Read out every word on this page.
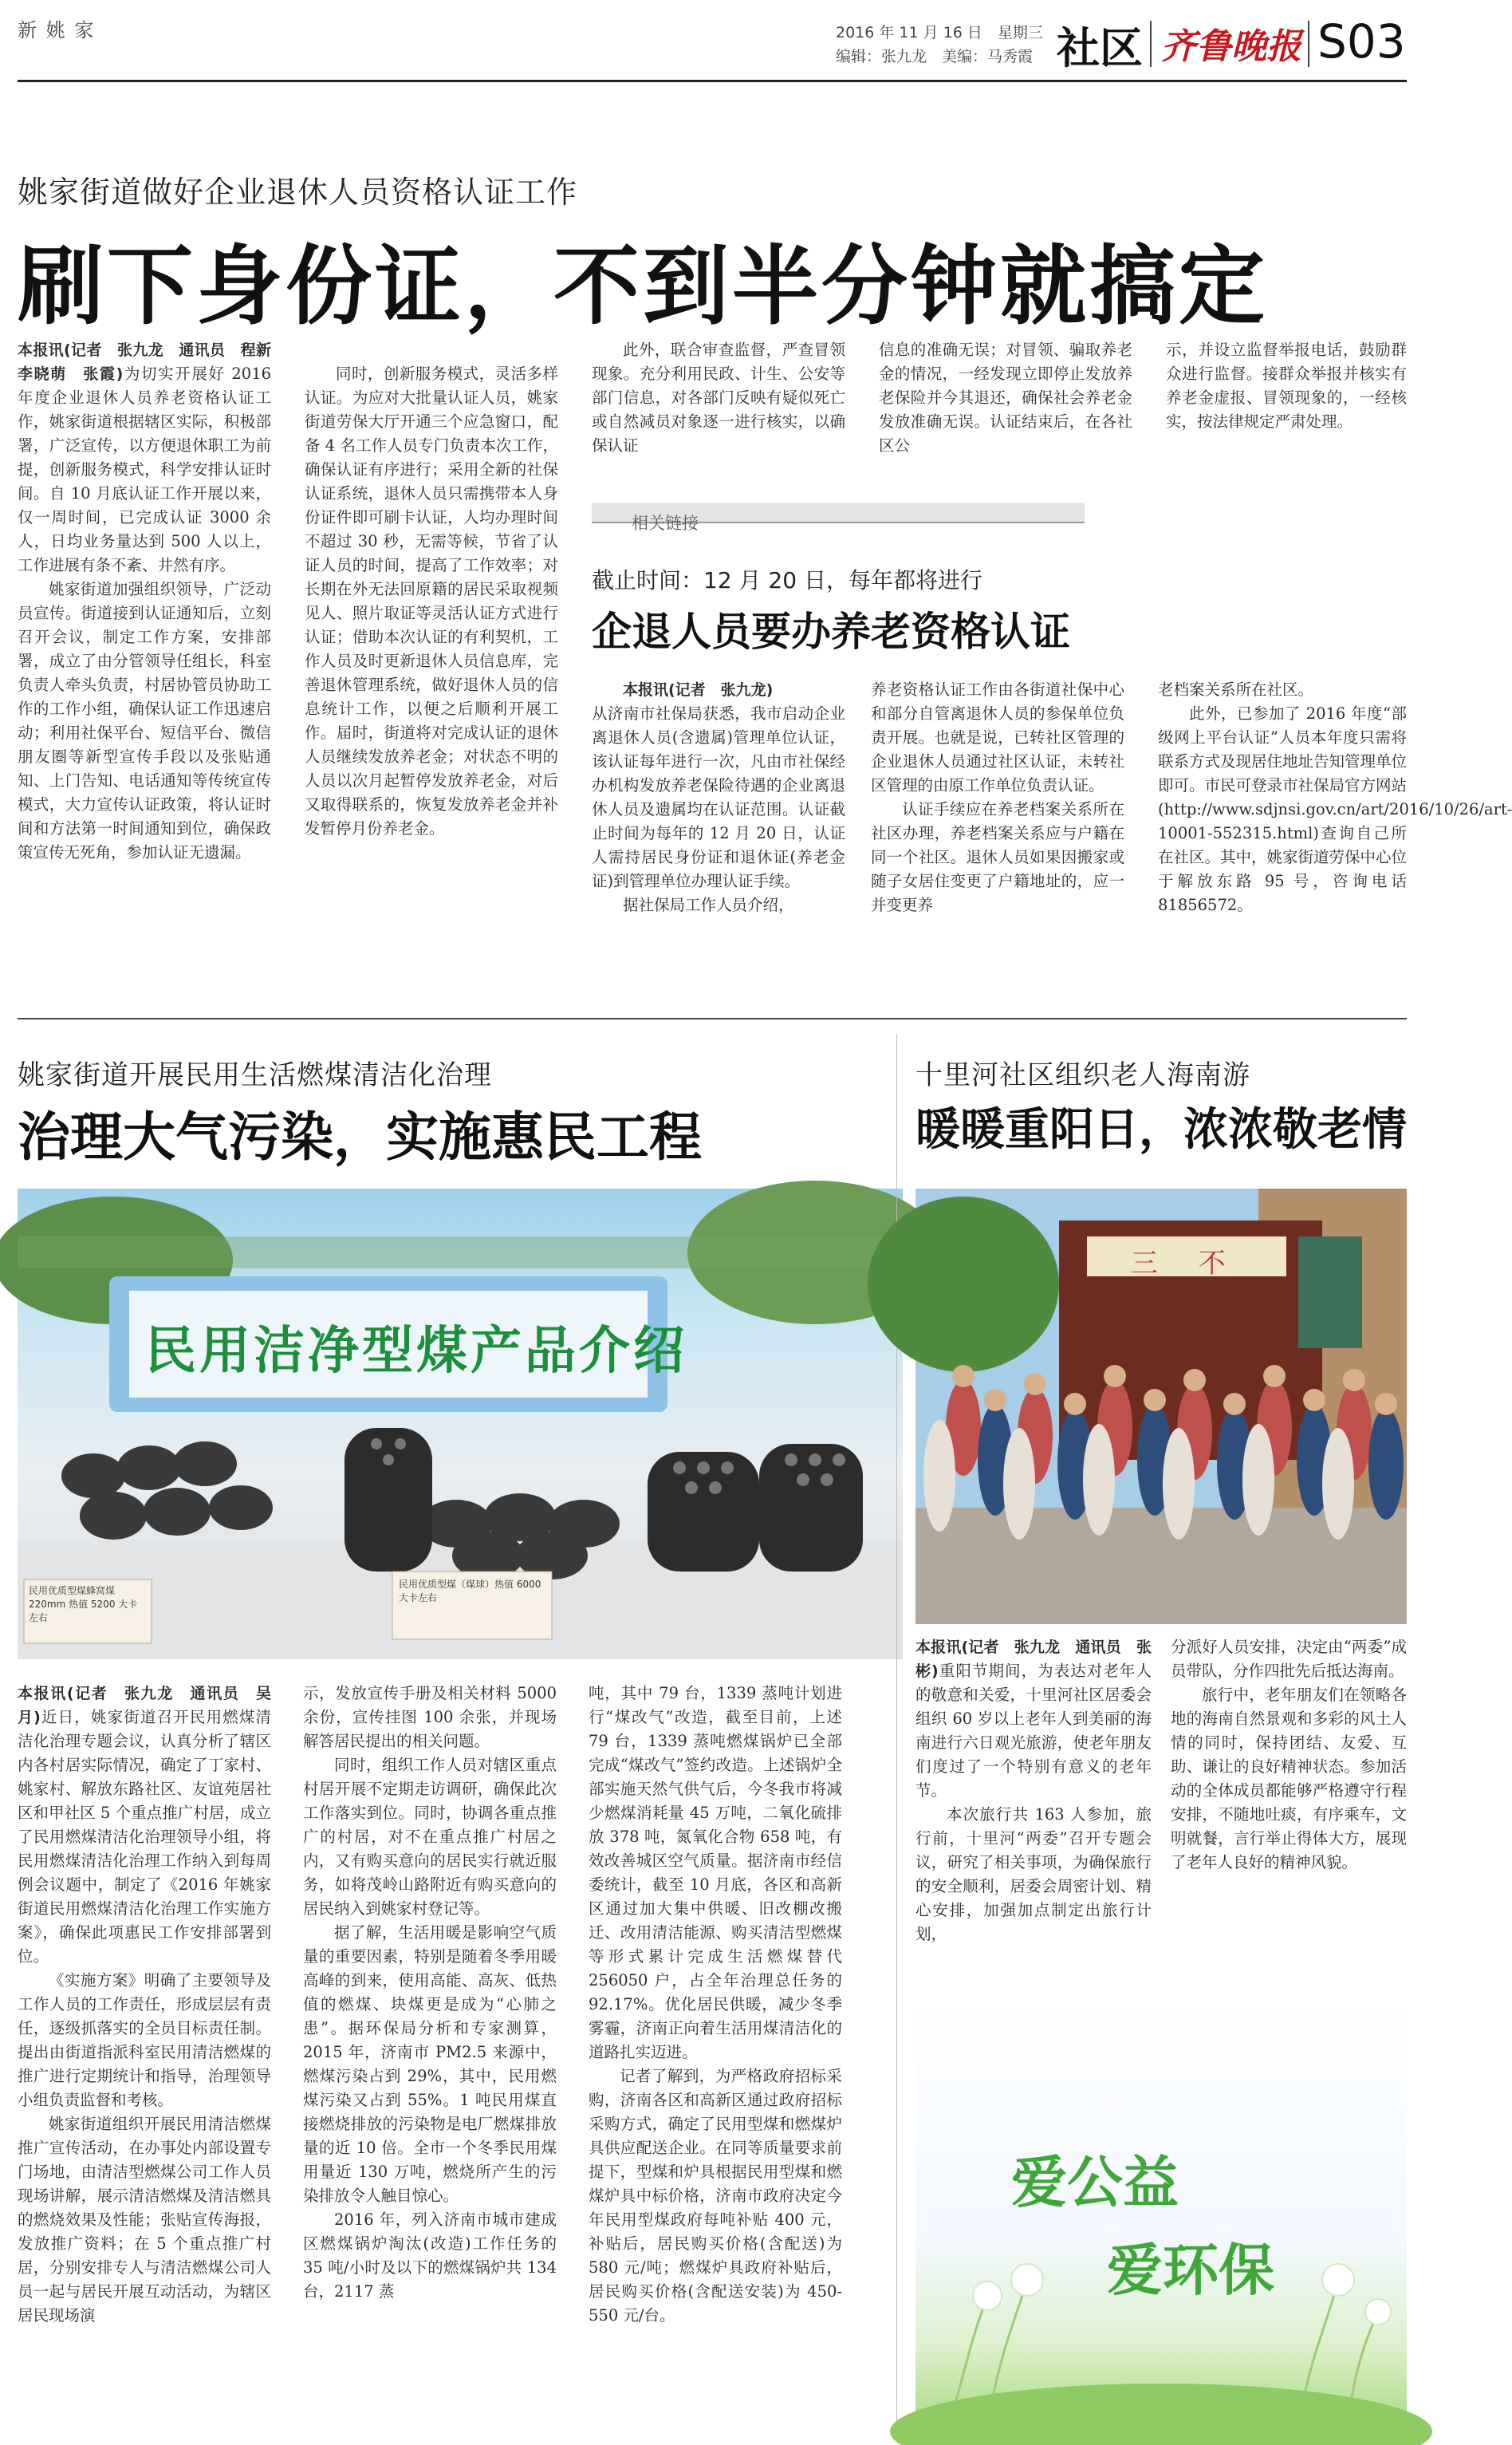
新 姚 家	2016 年 11 月 16 日　星期三
编辑：张九龙　美编：马秀霞 社区 齐鲁晚报 S03
姚家街道做好企业退休人员资格认证工作
刷下身份证，不到半分钟就搞定

本报讯(记者　张九龙　通讯员　程新　李晓萌　张霞)为切实开展好 2016 年度企业退休人员养老资格认证工作，姚家街道根据辖区实际，积极部署，广泛宣传，以方便退休职工为前提，创新服务模式，科学安排认证时间。自 10 月底认证工作开展以来，仅一周时间，已完成认证 3000 余人，日均业务量达到 500 人以上，工作进展有条不紊、井然有序。

姚家街道加强组织领导，广泛动员宣传。街道接到认证通知后，立刻召开会议，制定工作方案，安排部署，成立了由分管领导任组长，科室负责人牵头负责，村居协管员协助工作的工作小组，确保认证工作迅速启动；利用社保平台、短信平台、微信朋友圈等新型宣传手段以及张贴通知、上门告知、电话通知等传统宣传模式，大力宣传认证政策，将认证时间和方法第一时间通知到位，确保政策宣传无死角，参加认证无遗漏。

同时，创新服务模式，灵活多样认证。为应对大批量认证人员，姚家街道劳保大厅开通三个应急窗口，配备 4 名工作人员专门负责本次工作，确保认证有序进行；采用全新的社保认证系统，退休人员只需携带本人身份证件即可刷卡认证，人均办理时间不超过 30 秒，无需等候，节省了认证人员的时间，提高了工作效率；对长期在外无法回原籍的居民采取视频见人、照片取证等灵活认证方式进行认证；借助本次认证的有利契机，工作人员及时更新退休人员信息库，完善退休管理系统，做好退休人员的信息统计工作，以便之后顺利开展工作。届时，街道将对完成认证的退休人员继续发放养老金；对状态不明的人员以次月起暂停发放养老金，对后又取得联系的，恢复发放养老金并补发暂停月份养老金。

此外，联合审查监督，严查冒领现象。充分利用民政、计生、公安等部门信息，对各部门反映有疑似死亡或自然减员对象逐一进行核实，以确保认证

信息的准确无误；对冒领、骗取养老金的情况，一经发现立即停止发放养老保险并今其退还，确保社会养老金发放准确无误。认证结束后，在各社区公

示，并设立监督举报电话，鼓励群众进行监督。接群众举报并核实有养老金虚报、冒领现象的，一经核实，按法律规定严肃处理。

相关链接
截止时间：12 月 20 日，每年都将进行
企退人员要办养老资格认证

本报讯(记者　张九龙)

从济南市社保局获悉，我市启动企业离退休人员(含遗属)管理单位认证，该认证每年进行一次，凡由市社保经办机构发放养老保险待遇的企业离退休人员及遗属均在认证范围。认证截止时间为每年的 12 月 20 日，认证人需持居民身份证和退休证(养老金证)到管理单位办理认证手续。

据社保局工作人员介绍，

养老资格认证工作由各街道社保中心和部分自管离退休人员的参保单位负责开展。也就是说，已转社区管理的企业退休人员通过社区认证，未转社区管理的由原工作单位负责认证。

认证手续应在养老档案关系所在社区办理，养老档案关系应与户籍在同一个社区。退休人员如果因搬家或随子女居住变更了户籍地址的，应一并变更养

老档案关系所在社区。

此外，已参加了 2016 年度“部级网上平台认证”人员本年度只需将联系方式及现居住地址告知管理单位即可。市民可登录市社保局官方网站(http://www.sdjnsi.gov.cn/art/2016/10/26/art-10001-552315.html)查询自己所在社区。其中，姚家街道劳保中心位于解放东路 95 号，咨询电话 81856572。

姚家街道开展民用生活燃煤清洁化治理
治理大气污染，实施惠民工程
民用洁净型煤产品介绍
民用优质型煤蜂窝煤 220mm 热值 5200 大卡左右
民用优质型煤（煤球）热值 6000 大卡左右

本报讯(记者　张九龙　通讯员　吴月)近日，姚家街道召开民用燃煤清洁化治理专题会议，认真分析了辖区内各村居实际情况，确定了丁家村、姚家村、解放东路社区、友谊苑居社区和甲社区 5 个重点推广村居，成立了民用燃煤清洁化治理领导小组，将民用燃煤清洁化治理工作纳入到每周例会议题中，制定了《2016 年姚家街道民用燃煤清洁化治理工作实施方案》，确保此项惠民工作安排部署到位。

《实施方案》明确了主要领导及工作人员的工作责任，形成层层有责任，逐级抓落实的全员目标责任制。提出由街道指派科室民用清洁燃煤的推广进行定期统计和指导，治理领导小组负责监督和考核。

姚家街道组织开展民用清洁燃煤推广宣传活动，在办事处内部设置专门场地，由清洁型燃煤公司工作人员现场讲解，展示清洁燃煤及清洁燃具的燃烧效果及性能；张贴宣传海报，发放推广资料；在 5 个重点推广村居，分别安排专人与清洁燃煤公司人员一起与居民开展互动活动，为辖区居民现场演

示，发放宣传手册及相关材料 5000 余份，宣传挂图 100 余张，并现场解答居民提出的相关问题。

同时，组织工作人员对辖区重点村居开展不定期走访调研，确保此次工作落实到位。同时，协调各重点推广的村居，对不在重点推广村居之内，又有购买意向的居民实行就近服务，如将茂岭山路附近有购买意向的居民纳入到姚家村登记等。

据了解，生活用暖是影响空气质量的重要因素，特别是随着冬季用暖高峰的到来，使用高能、高灰、低热值的燃煤、块煤更是成为“心肺之患”。据环保局分析和专家测算，2015 年，济南市 PM2.5 来源中，燃煤污染占到 29%，其中，民用燃煤污染又占到 55%。1 吨民用煤直接燃烧排放的污染物是电厂燃煤排放量的近 10 倍。全市一个冬季民用煤用量近 130 万吨，燃烧所产生的污染排放令人触目惊心。

2016 年，列入济南市城市建成区燃煤锅炉淘汰(改造)工作任务的 35 吨/小时及以下的燃煤锅炉共 134 台，2117 蒸

吨，其中 79 台，1339 蒸吨计划进行“煤改气”改造，截至目前，上述 79 台，1339 蒸吨燃煤锅炉已全部完成“煤改气”签约改造。上述锅炉全部实施天然气供气后，今冬我市将减少燃煤消耗量 45 万吨，二氧化硫排放 378 吨，氮氧化合物 658 吨，有效改善城区空气质量。据济南市经信委统计，截至 10 月底，各区和高新区通过加大集中供暖、旧改棚改搬迁、改用清洁能源、购买清洁型燃煤等形式累计完成生活燃煤替代 256050 户，占全年治理总任务的 92.17%。优化居民供暖，减少冬季雾霾，济南正向着生活用煤清洁化的道路扎实迈进。

记者了解到，为严格政府招标采购，济南各区和高新区通过政府招标采购方式，确定了民用型煤和燃煤炉具供应配送企业。在同等质量要求前提下，型煤和炉具根据民用型煤和燃煤炉具中标价格，济南市政府决定今年民用型煤政府每吨补贴 400 元，补贴后，居民购买价格(含配送)为 580 元/吨；燃煤炉具政府补贴后，居民购买价格(含配送安装)为 450-550 元/台。

十里河社区组织老人海南游
暖暖重阳日，浓浓敬老情
三 不

本报讯(记者　张九龙　通讯员　张彬)重阳节期间，为表达对老年人的敬意和关爱，十里河社区居委会组织 60 岁以上老年人到美丽的海南进行六日观光旅游，使老年朋友们度过了一个特别有意义的老年节。

本次旅行共 163 人参加，旅行前，十里河“两委”召开专题会议，研究了相关事项，为确保旅行的安全顺利，居委会周密计划、精心安排，加强加点制定出旅行计划，

分派好人员安排，决定由“两委”成员带队，分作四批先后抵达海南。

旅行中，老年朋友们在领略各地的海南自然景观和多彩的风土人情的同时，保持团结、友爱、互助、谦让的良好精神状态。参加活动的全体成员都能够严格遵守行程安排，不随地吐痰，有序乘车，文明就餐，言行举止得体大方，展现了老年人良好的精神风貌。

爱公益
爱环保
